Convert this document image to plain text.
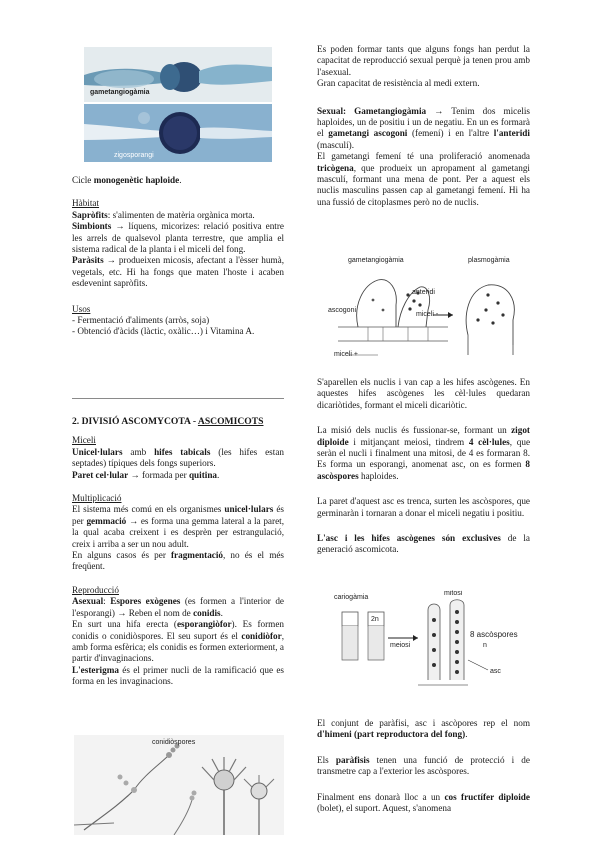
gametangiogàmia
zigosporangi

Cicle monogenètic haploide.

Hàbitat

Sapròfits: s'alimenten de matèria orgànica morta.

Simbionts → líquens, micorizes: relació positiva entre les arrels de qualsevol planta terrestre, que amplia el sistema radical de la planta i el miceli del fong.

Paràsits → produeixen micosis, afectant a l'èsser humà, vegetals, etc. Hi ha fongs que maten l'hoste i acaben esdevenint sapròfits.

Usos
- Fermentació d'aliments (arròs, soja)
- Obtenció d'àcids (làctic, oxàlic…) i Vitamina A.

2. DIVISIÓ ASCOMYCOTA - ASCOMICOTS

Miceli

Unicel·lulars amb hifes tabicals (les hifes estan septades) típiques dels fongs superiors.

Paret cel·lular → formada per quitina.

Multiplicació

El sistema més comú en els organismes unicel·lulars és per gemmació → es forma una gemma lateral a la paret, la qual acaba creixent i es desprèn per estrangulació, creix i arriba a ser un nou adult.

En alguns casos és per fragmentació, no és el més freqüent.

Reproducció

Asexual: Espores exògenes (es formen a l'interior de l'esporangi) → Reben el nom de conidis.

En surt una hifa erecta (esporangiòfor). Es formen conidis o conidiòspores. El seu suport és el conidiòfor, amb forma esfèrica; els conidis es formen exteriorment, a partir d'invaginacions.

L'esterigma és el primer nucli de la ramificació que es forma en les invaginacions.

conidiòspores

Es poden formar tants que alguns fongs han perdut la capacitat de reproducció sexual perquè ja tenen prou amb l'asexual.

Gran capacitat de resistència al medi extern.

Sexual: Gametangiogàmia → Tenim dos micelis haploides, un de positiu i un de negatiu. En un es formarà el gametangi ascogoni (femení) i en l'altre l'anteridi (masculí).

El gametangi femení té una proliferació anomenada tricògena, que produeix un apropament al gametangi masculí, formant una mena de pont. Per a aquest els nuclis masculins passen cap al gametangi femení. Hi ha una fussió de citoplasmes però no de nuclis.

gametangiogàmia	plasmogàmia
ascogoni
anteridi
miceli -
miceli +

S'aparellen els nuclis i van cap a les hifes ascògenes. En aquestes hifes ascògenes les cèl·lules quedaran dicariòtides, formant el miceli dicariòtic.

La misió dels nuclis és fussionar-se, formant un zigot diploide i mitjançant meiosi, tindrem 4 cèl·lules, que seràn el nucli i finalment una mitosi, de 4 es formaran 8. Es forma un esporangi, anomenat asc, on es formen 8 ascòspores haploides.

La paret d'aquest asc es trenca, surten les ascòspores, que germinaràn i tornaran a donar el miceli negatiu i positiu.

L'asc i les hifes ascògenes són exclusives de la generació ascomicota.

cariogàmia
mitosi
meiosi
8 ascòspores
asc
n
2n

El conjunt de paràfisi, asc i ascòpores rep el nom d'himeni (part reproductora del fong).

Els paràfisis tenen una funció de protecció i de transmetre cap a l'exterior les ascòspores.

Finalment ens donarà lloc a un cos fructífer diploide (bolet), el suport. Aquest, s'anomena
